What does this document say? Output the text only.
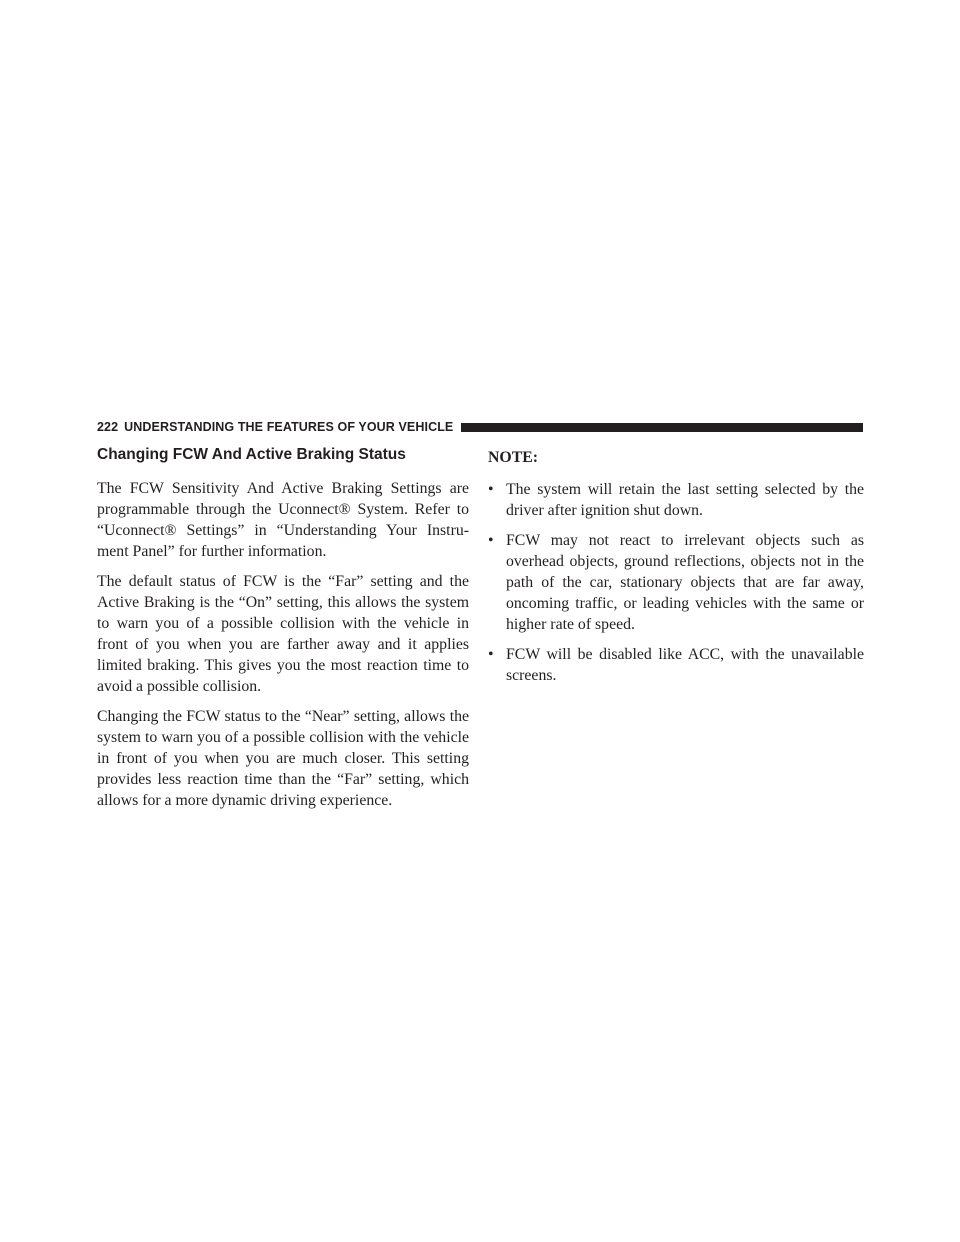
222 UNDERSTANDING THE FEATURES OF YOUR VEHICLE
Changing FCW And Active Braking Status

The FCW Sensitivity And Active Braking Settings are programmable through the Uconnect® System. Refer to “Uconnect® Settings” in “Understanding Your Instru-ment Panel” for further information.

The default status of FCW is the “Far” setting and the Active Braking is the “On” setting, this allows the system to warn you of a possible collision with the vehicle in front of you when you are farther away and it applies limited braking. This gives you the most reaction time to avoid a possible collision.

Changing the FCW status to the “Near” setting, allows the system to warn you of a possible collision with the vehicle in front of you when you are much closer. This setting provides less reaction time than the “Far” setting, which allows for a more dynamic driving experience.

NOTE:
• The system will retain the last setting selected by the driver after ignition shut down.
• FCW may not react to irrelevant objects such as overhead objects, ground reflections, objects not in the path of the car, stationary objects that are far away, oncoming traffic, or leading vehicles with the same or higher rate of speed.
• FCW will be disabled like ACC, with the unavailable screens.
